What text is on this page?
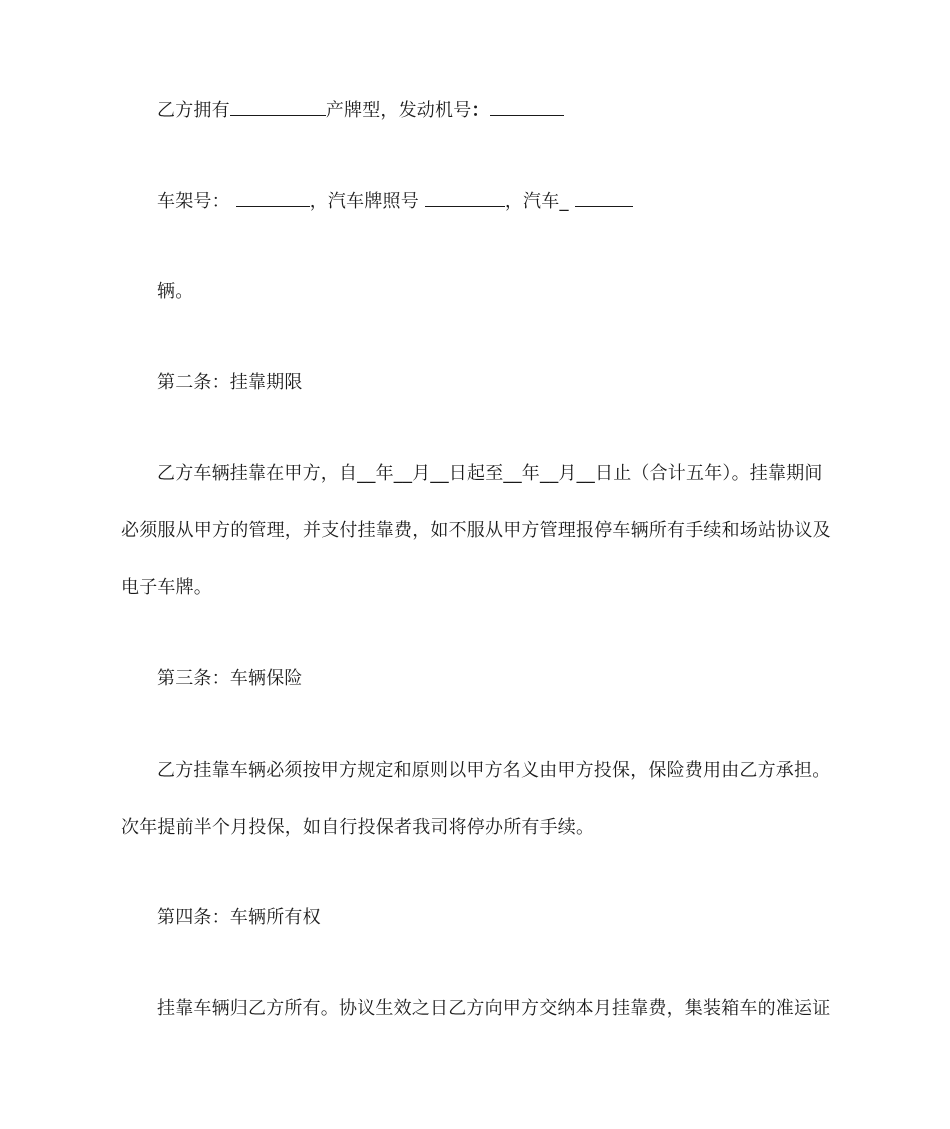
乙方拥有	产牌型，发动机号：
车架号：	，汽车牌照号	，汽车_
辆。
第二条：挂靠期限
乙方车辆挂靠在甲方，自__年__月__日起至__年__月__日止（合计五年）。挂靠期间
必须服从甲方的管理，并支付挂靠费，如不服从甲方管理报停车辆所有手续和场站协议及
电子车牌。
第三条：车辆保险
乙方挂靠车辆必须按甲方规定和原则以甲方名义由甲方投保，保险费用由乙方承担。
次年提前半个月投保，如自行投保者我司将停办所有手续。
第四条：车辆所有权
挂靠车辆归乙方所有。协议生效之日乙方向甲方交纳本月挂靠费，集装箱车的准运证
